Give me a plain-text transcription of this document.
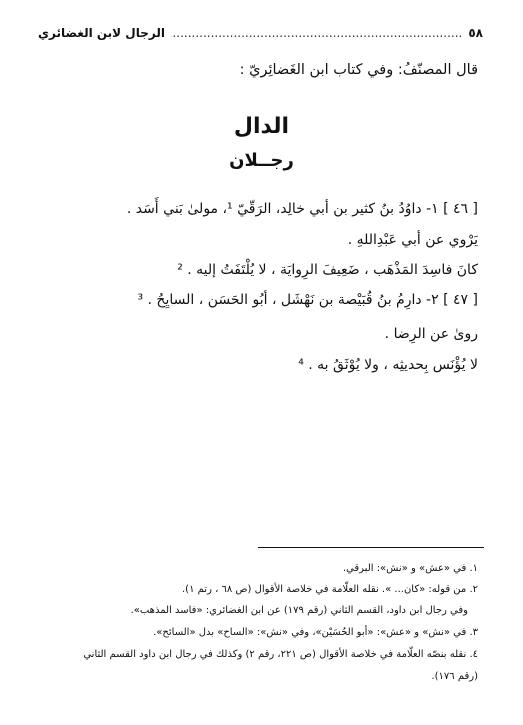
٥٨
.....
الرجال لابن الغضائري
قال المصنّفُ: وفي كتاب ابن الغَضائِريّ :
الدال
رجــلان
[ ٤٦ ] ١- داوُدُ بنُ كثير بن أبي خالِد، الرَقّيّ ¹، مولىٰ بَني أَسَد .
يَرْوي عن أبي عَبْدِاللهِ .
كانَ فاسِدَ المَذْهَب ، ضَعِيفَ الرِوايَة ، لا يُلْتَفَتُ إليه . ²
[ ٤٧ ] ٢- دارِمُ بنُ قُبَيْصة بن نَهْشَل ، أبُو الحَسَن ، السايِحُ . ³
روىٰ عن الرِضا .
لا يُؤْنَس بِحديثِه ، ولا يُوْثَقُ به . ⁴
١. في «عش» و «نش»: البرقي.
٢. من قوله: «كان... ». نقله العلّامة في خلاصة الأقوال (ص ٦٨ ، رتم ١).
وفي رجال ابن داود، القسم الثاني (رقم ١٧٩) عن ابن الغضائري: «فاسد المذهب».
٣. في «نش» و «عش»: «أبو الحُسَيْن»، وفي «نش»: «الساح» بدل «السائح».
٤. نقله بنصّه العلّامة في خلاصة الأقوال (ص ٢٢١، رقم ٢) وكذلك في رجال ابن داود القسم الثاني
(رقم ١٧٦).
